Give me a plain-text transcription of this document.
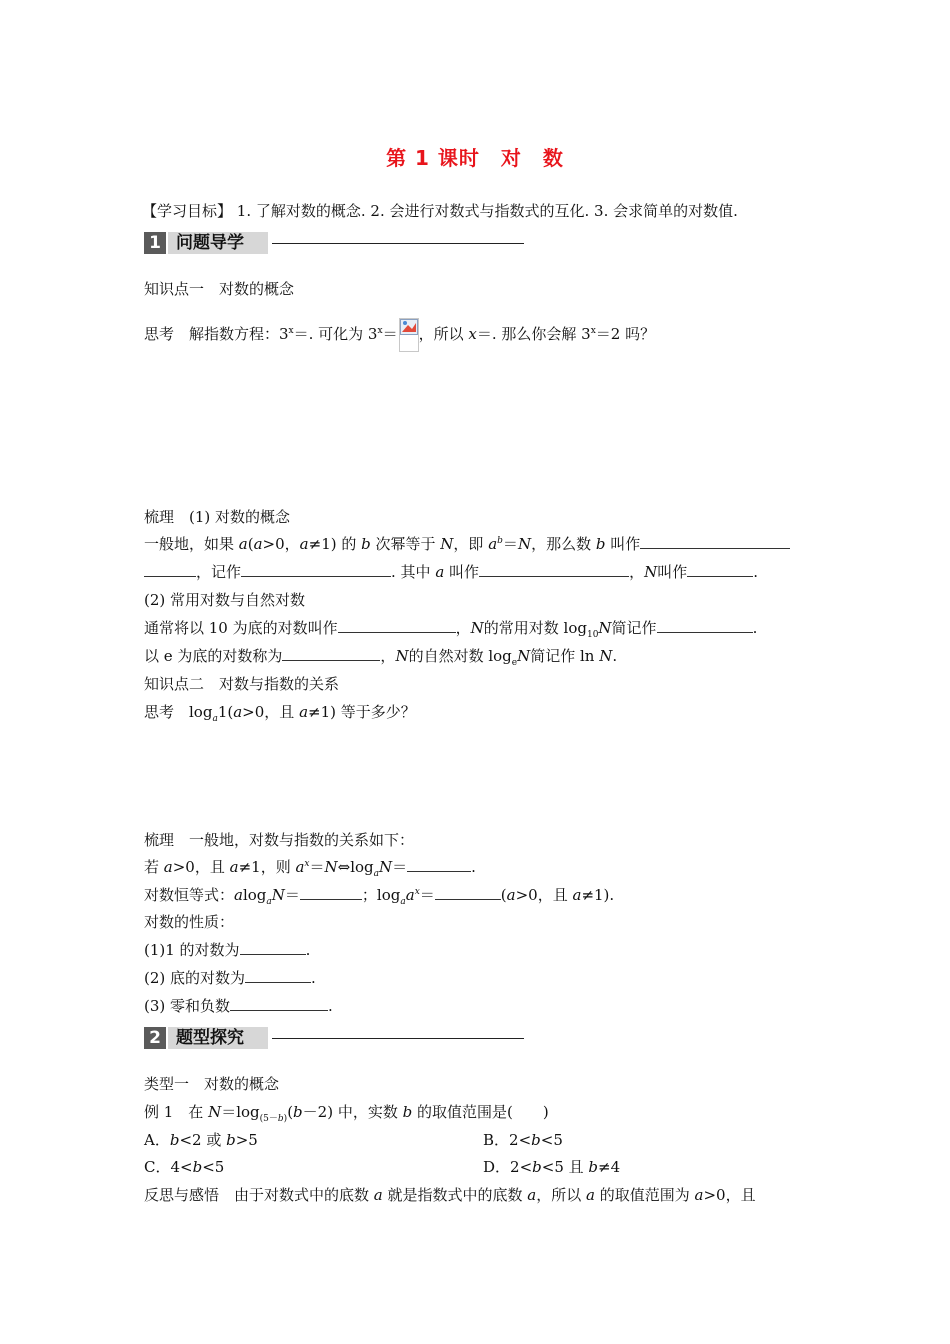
第 1 课时　对　数
【学习目标】 1. 了解对数的概念. 2. 会进行对数式与指数式的互化. 3. 会求简单的对数值.
1 问题导学
知识点一　对数的概念
思考　解指数方程：$3^x=$. 可化为 $3^x=$ ，所以 x＝. 那么你会解 $3^x=2$ 吗？
梳理　(1) 对数的概念
一般地，如果 a(a>0，a≠1) 的 b 次幂等于 N，即 $a^b=N$，那么数 b 叫作
，记作	. 其中 a 叫作	，N叫作	.
(2) 常用对数与自然对数
通常将以 10 为底的对数叫作	，N的常用对数 $\log_{10}N$简记作	.
以 e 为底的对数称为	，N的自然对数 $\log_eN$简记作 ln N.
知识点二　对数与指数的关系
思考　$\log_a1(a>0$，且 a≠1) 等于多少？
梳理　一般地，对数与指数的关系如下：
若 a>0，且 a≠1，则 $a^x=N\Leftrightarrow\log_aN=$	.
对数恒等式：alog$_a$N＝	；$\log_aa^x=$	(a>0，且 a≠1).
对数的性质：
(1)1 的对数为	.
(2) 底的对数为	.
(3) 零和负数	.
2 题型探究
类型一　对数的概念
例 1　在 $N=\log_{(5-b)}(b-2)$ 中，实数 b 的取值范围是(　　)
A．b<2 或 b>5	B．2<b<5
C．4<b<5	D．2<b<5 且 b≠4
反思与感悟　由于对数式中的底数 a 就是指数式中的底数 a，所以 a 的取值范围为 a>0，且
